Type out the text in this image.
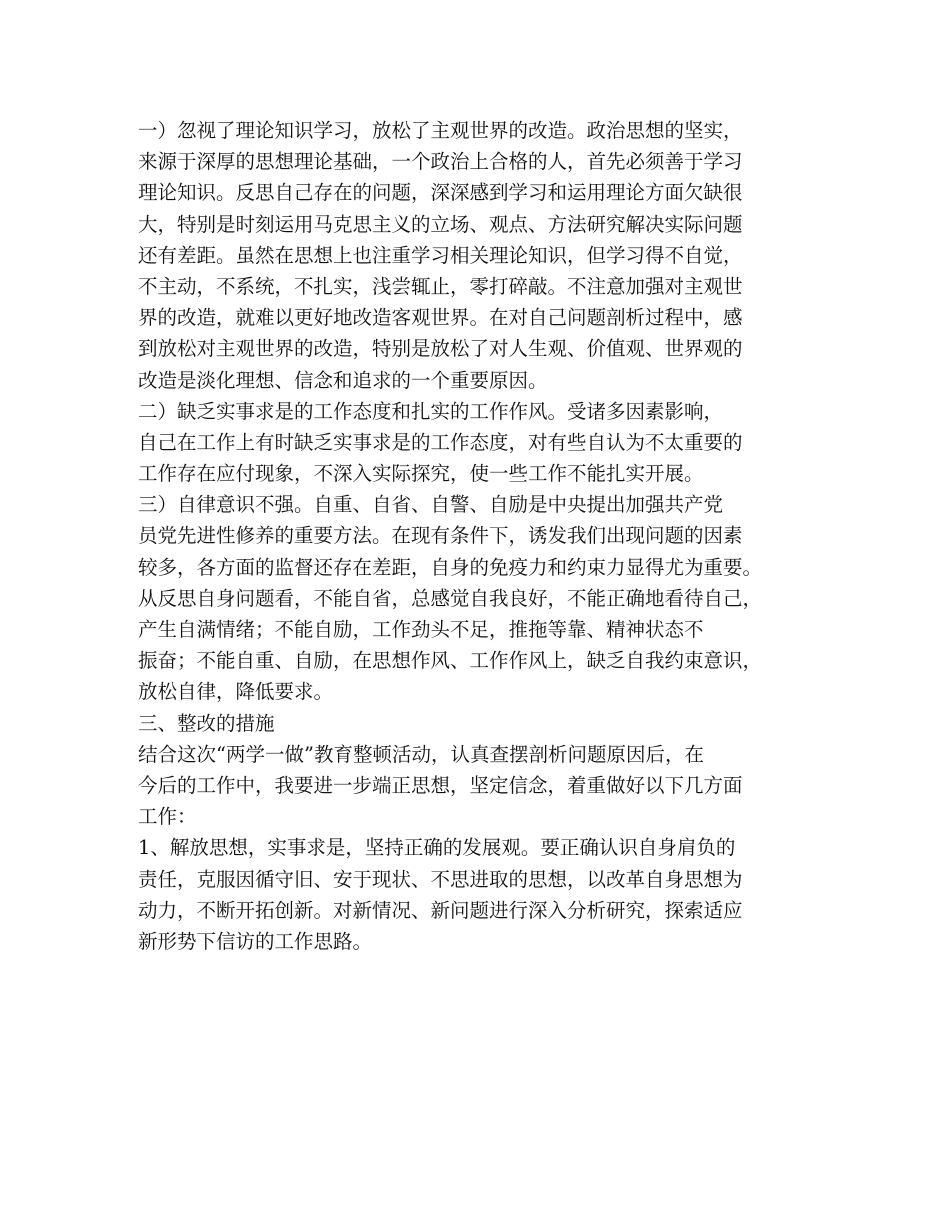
一）忽视了理论知识学习，放松了主观世界的改造。政治思想的坚实，
来源于深厚的思想理论基础，一个政治上合格的人，首先必须善于学习
理论知识。反思自己存在的问题，深深感到学习和运用理论方面欠缺很
大，特别是时刻运用马克思主义的立场、观点、方法研究解决实际问题
还有差距。虽然在思想上也注重学习相关理论知识，但学习得不自觉，
不主动，不系统，不扎实，浅尝辄止，零打碎敲。不注意加强对主观世
界的改造，就难以更好地改造客观世界。在对自己问题剖析过程中，感
到放松对主观世界的改造，特别是放松了对人生观、价值观、世界观的
改造是淡化理想、信念和追求的一个重要原因。
二）缺乏实事求是的工作态度和扎实的工作作风。受诸多因素影响，
自己在工作上有时缺乏实事求是的工作态度，对有些自认为不太重要的
工作存在应付现象，不深入实际探究，使一些工作不能扎实开展。
三）自律意识不强。自重、自省、自警、自励是中央提出加强共产党
员党先进性修养的重要方法。在现有条件下，诱发我们出现问题的因素
较多，各方面的监督还存在差距，自身的免疫力和约束力显得尤为重要。
从反思自身问题看，不能自省，总感觉自我良好，不能正确地看待自己，
产生自满情绪；不能自励，工作劲头不足，推拖等靠、精神状态不
振奋；不能自重、自励，在思想作风、工作作风上，缺乏自我约束意识，
放松自律，降低要求。
三、整改的措施
结合这次“两学一做”教育整顿活动，认真查摆剖析问题原因后，在
今后的工作中，我要进一步端正思想，坚定信念，着重做好以下几方面
工作：
1、解放思想，实事求是，坚持正确的发展观。要正确认识自身肩负的
责任，克服因循守旧、安于现状、不思进取的思想，以改革自身思想为
动力，不断开拓创新。对新情况、新问题进行深入分析研究，探索适应
新形势下信访的工作思路。
